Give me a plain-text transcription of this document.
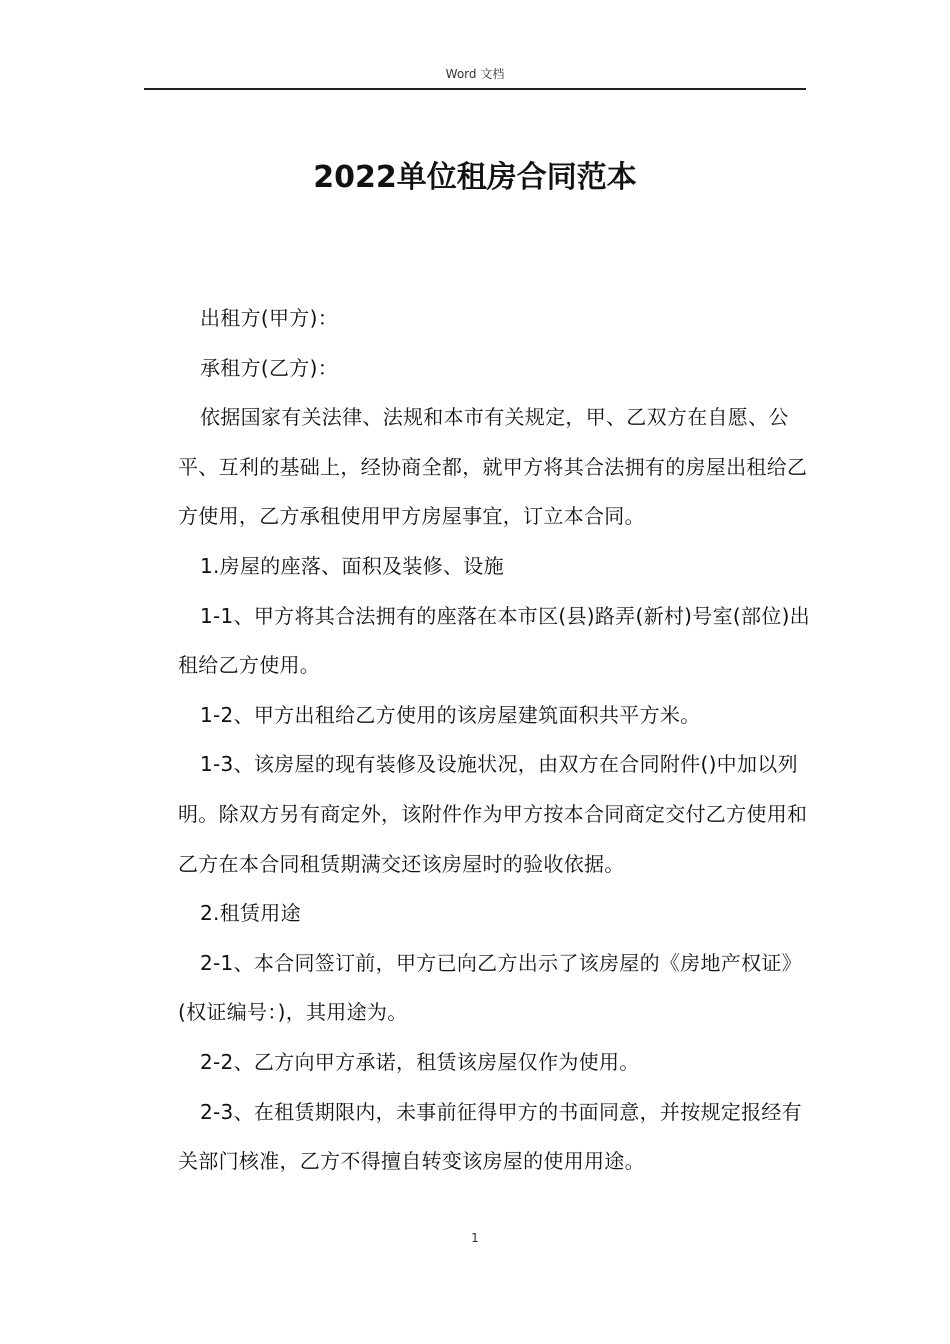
Word 文档
2022单位租房合同范本

出租方(甲方)：

承租方(乙方)：

依据国家有关法律、法规和本市有关规定，甲、乙双方在自愿、公平、互利的基础上，经协商全都，就甲方将其合法拥有的房屋出租给乙方使用，乙方承租使用甲方房屋事宜，订立本合同。

1.房屋的座落、面积及装修、设施

1-1、甲方将其合法拥有的座落在本市区(县)路弄(新村)号室(部位)出租给乙方使用。

1-2、甲方出租给乙方使用的该房屋建筑面积共平方米。

1-3、该房屋的现有装修及设施状况，由双方在合同附件()中加以列明。除双方另有商定外，该附件作为甲方按本合同商定交付乙方使用和乙方在本合同租赁期满交还该房屋时的验收依据。

2.租赁用途

2-1、本合同签订前，甲方已向乙方出示了该房屋的《房地产权证》(权证编号：)，其用途为。

2-2、乙方向甲方承诺，租赁该房屋仅作为使用。

2-3、在租赁期限内，未事前征得甲方的书面同意，并按规定报经有关部门核准，乙方不得擅自转变该房屋的使用用途。

1
